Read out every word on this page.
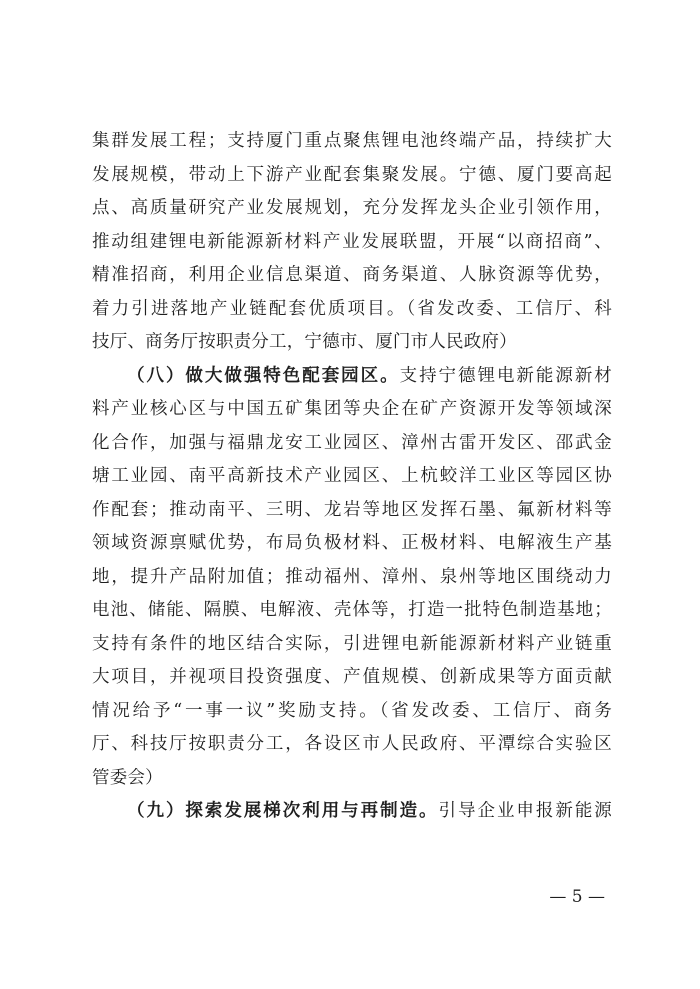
集群发展工程；支持厦门重点聚焦锂电池终端产品，持续扩大
发展规模，带动上下游产业配套集聚发展。宁德、厦门要高起
点、高质量研究产业发展规划，充分发挥龙头企业引领作用，
推动组建锂电新能源新材料产业发展联盟，开展“以商招商”、
精准招商，利用企业信息渠道、商务渠道、人脉资源等优势，
着力引进落地产业链配套优质项目。（省发改委、工信厅、科
技厅、商务厅按职责分工，宁德市、厦门市人民政府）
（八）做大做强特色配套园区。支持宁德锂电新能源新材
料产业核心区与中国五矿集团等央企在矿产资源开发等领域深
化合作，加强与福鼎龙安工业园区、漳州古雷开发区、邵武金
塘工业园、南平高新技术产业园区、上杭蛟洋工业区等园区协
作配套；推动南平、三明、龙岩等地区发挥石墨、氟新材料等
领域资源禀赋优势，布局负极材料、正极材料、电解液生产基
地，提升产品附加值；推动福州、漳州、泉州等地区围绕动力
电池、储能、隔膜、电解液、壳体等，打造一批特色制造基地；
支持有条件的地区结合实际，引进锂电新能源新材料产业链重
大项目，并视项目投资强度、产值规模、创新成果等方面贡献
情况给予“一事一议”奖励支持。（省发改委、工信厅、商务
厅、科技厅按职责分工，各设区市人民政府、平潭综合实验区
管委会）
（九）探索发展梯次利用与再制造。引导企业申报新能源
— 5 —
